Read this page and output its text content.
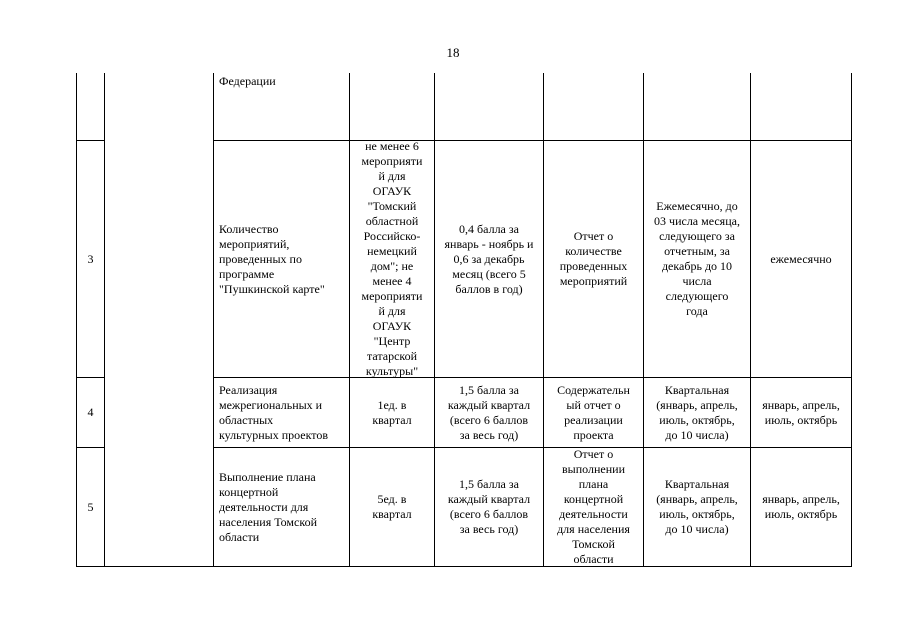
18
Федерации
3
Количество
мероприятий,
проведенных по
программе
"Пушкинской карте"
не менее 6
мероприяти
й для
ОГАУК
"Томский
областной
Российско-
немецкий
дом"; не
менее 4
мероприяти
й для
ОГАУК
"Центр
татарской
культуры"
0,4 балла за
январь - ноябрь и
0,6 за декабрь
месяц (всего 5
баллов в год)
Отчет о
количестве
проведенных
мероприятий
Ежемесячно, до
03 числа месяца,
следующего за
отчетным, за
декабрь до 10
числа
следующего
года
ежемесячно
4
Реализация
межрегиональных и
областных
культурных проектов
1ед. в
квартал
1,5 балла за
каждый квартал
(всего 6 баллов
за весь год)
Содержательн
ый отчет о
реализации
проекта
Квартальная
(январь, апрель,
июль, октябрь,
до 10 числа)
январь, апрель,
июль, октябрь
5
Выполнение плана
концертной
деятельности для
населения Томской
области
5ед. в
квартал
1,5 балла за
каждый квартал
(всего 6 баллов
за весь год)
Отчет о
выполнении
плана
концертной
деятельности
для населения
Томской
области
Квартальная
(январь, апрель,
июль, октябрь,
до 10 числа)
январь, апрель,
июль, октябрь
